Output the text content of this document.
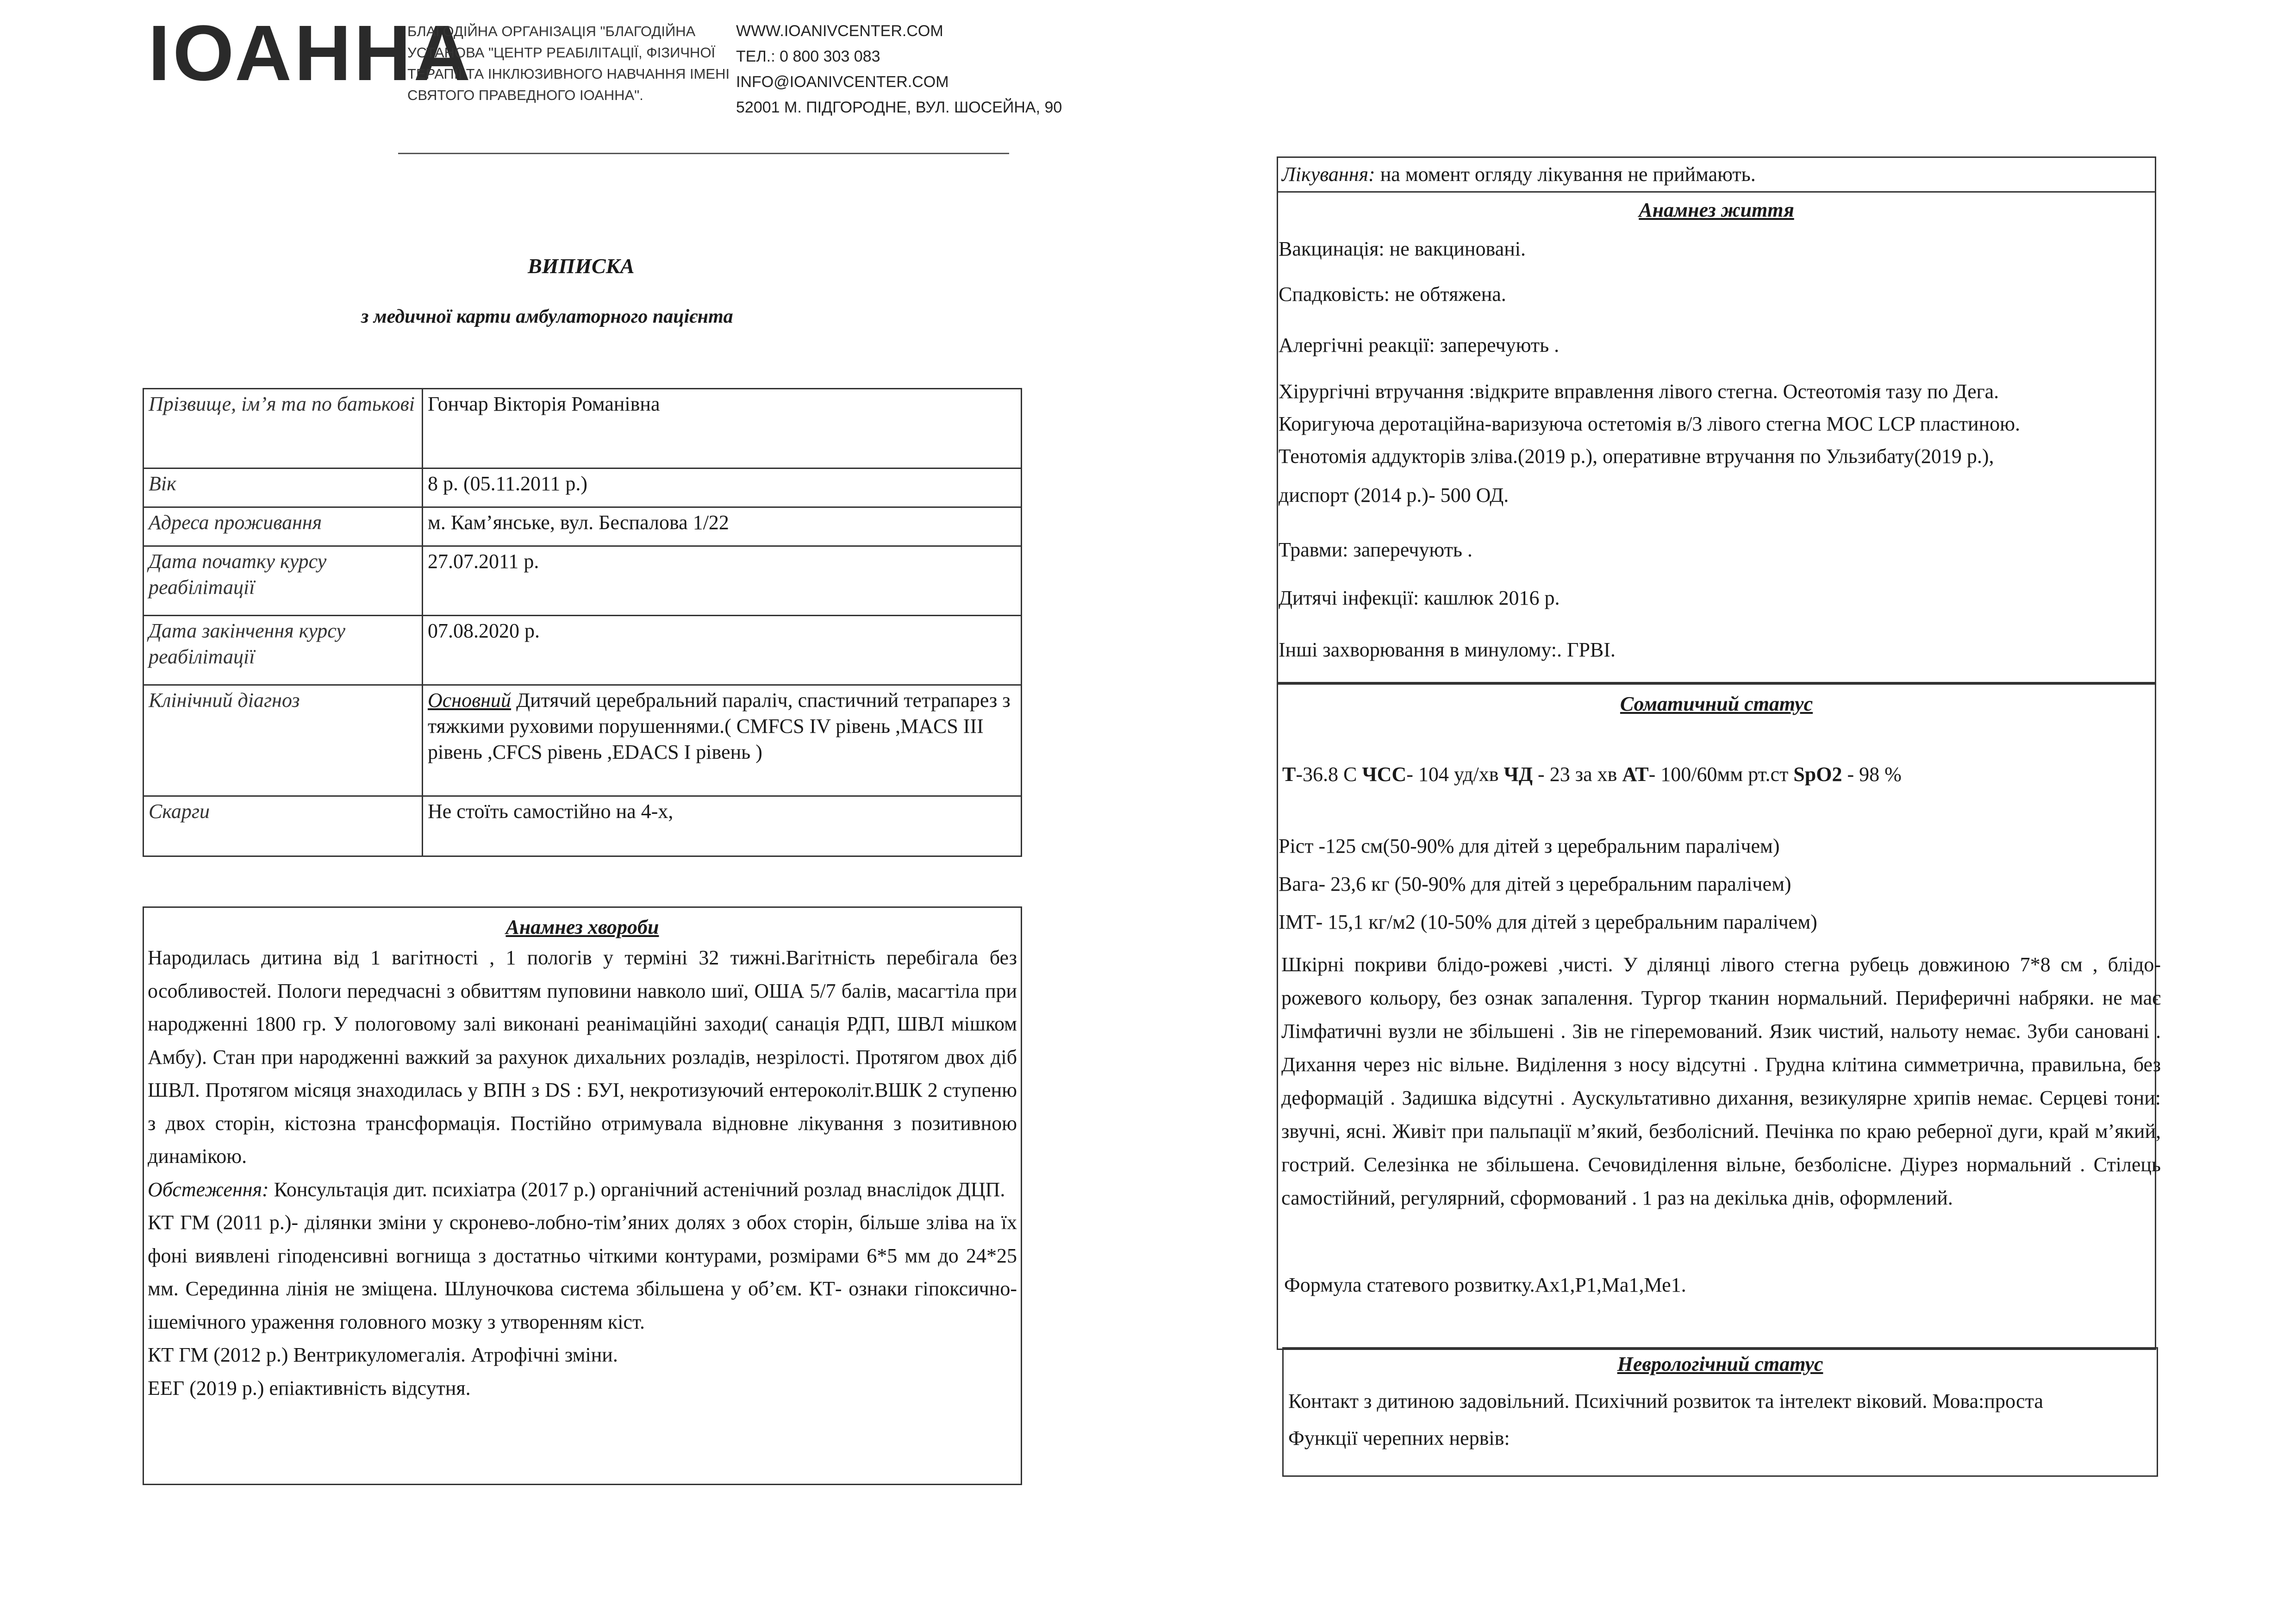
ІОАННА
БЛАГОДІЙНА ОРГАНІЗАЦІЯ "БЛАГОДІЙНА
УСТАНОВА "ЦЕНТР РЕАБІЛІТАЦІЇ, ФІЗИЧНОЇ
ТЕРАПІЇ ТА ІНКЛЮЗИВНОГО НАВЧАННЯ ІМЕНІ
СВЯТОГО ПРАВЕДНОГО ІОАННА".
WWW.IOANIVCENTER.COM
ТЕЛ.: 0 800 303 083
INFO@IOANIVCENTER.COM
52001 М. ПІДГОРОДНЕ, ВУЛ. ШОСЕЙНА, 90
ВИПИСКА
з медичної карти амбулаторного пацієнта
Прізвище, ім’я та по батькові	Гончар Вікторія Романівна
Вік	8 р. (05.11.2011 р.)
Адреса проживання	м. Кам’янське, вул. Беспалова 1/22
Дата початку курсу реабілітації	27.07.2011 р.
Дата закінчення курсу реабілітації	07.08.2020 р.
Клінічний діагноз	Основний Дитячий церебральний параліч, спастичний тетрапарез з тяжкими руховими порушеннями.( CMFCS IV рівень ,MACS III рівень ,CFCS рівень ,EDACS I рівень )
Скарги	Не стоїть самостійно на 4-х,
Анамнез хвороби
Народилась дитина від 1 вагітності , 1 пологів у терміні 32 тижні.Вагітність перебігала без особливостей. Пологи передчасні з обвиттям пуповини навколо шиї, ОША 5/7 балів, масагтіла при народженні 1800 гр. У пологовому залі виконані реанімаційні заходи( санація РДП, ШВЛ мішком Амбу). Стан при народженні важкий за рахунок дихальних розладів, незрілості. Протягом двох діб ШВЛ. Протягом місяця знаходилась у ВПН з DS : БУІ, некротизуючий ентероколіт.ВШК 2 ступеню з двох сторін, кістозна трансформація. Постійно отримувала відновне лікування з позитивною динамікою.
Обстеження: Консультація дит. психіатра (2017 р.) органічний астенічний розлад внаслідок ДЦП.
КТ ГМ (2011 р.)- ділянки зміни у скронево-лобно-тім’яних долях з обох сторін, більше зліва на їх фоні виявлені гіподенсивні вогнища з достатньо чіткими контурами, розмірами 6*5 мм до 24*25 мм. Серединна лінія не зміщена. Шлуночкова система збільшена у об’єм. КТ- ознаки гіпоксично-ішемічного ураження головного мозку з утворенням кіст.
КТ ГМ (2012 р.) Вентрикуломегалія. Атрофічні зміни.
ЕЕГ (2019 р.) епіактивність відсутня.
Лікування: на момент огляду лікування не приймають.
Анамнез життя
Вакцинація: не вакциновані.
Спадковість: не обтяжена.
Алергічні реакції: заперечують .
Хірургічні втручання :відкрите вправлення лівого стегна. Остеотомія тазу по Дега.
Коригуюча деротаційна-варизуюча остетомія в/3 лівого стегна МОС LCP пластиною.
Тенотомія аддукторів зліва.(2019 р.), оперативне втручання по Ульзибату(2019 р.),
диспорт (2014 р.)- 500 ОД.
Травми: заперечують .
Дитячі інфекції: кашлюк 2016 р.
Інші захворювання в минулому:. ГРВІ.
Соматичний статус
Т-36.8 С ЧСС- 104 уд/хв ЧД - 23 за хв АТ- 100/60мм рт.ст SpO2 - 98 %
Ріст -125 см(50-90% для дітей з церебральним паралічем)
Вага- 23,6 кг (50-90% для дітей з церебральним паралічем)
ІМТ- 15,1 кг/м2 (10-50% для дітей з церебральним паралічем)
Шкірні покриви блідо-рожеві ,чисті. У ділянці лівого стегна рубець довжиною 7*8 см , блідо-рожевого кольору, без ознак запалення. Тургор тканин нормальний. Периферичні набряки. не має Лімфатичні вузли не збільшені . Зів не гіперемований. Язик чистий, нальоту немає. Зуби сановані . Дихання через ніс вільне. Виділення з носу відсутні . Грудна клітина симметрична, правильна, без деформацій . Задишка відсутні . Аускультативно дихання, везикулярне хрипів немає. Серцеві тони: звучні, ясні. Живіт при пальпації м’який, безболісний. Печінка по краю реберної дуги, край м’який, гострий. Селезінка не збільшена. Сечовиділення вільне, безболісне. Діурез нормальний . Стілець самостійний, регулярний, сформований . 1 раз на декілька днів, оформлений.
Формула статевого розвитку.Ах1,Р1,Ма1,Ме1.
Неврологічний статус
Контакт з дитиною задовільний. Психічний розвиток та інтелект віковий. Мова:проста
Функції черепних нервів:
